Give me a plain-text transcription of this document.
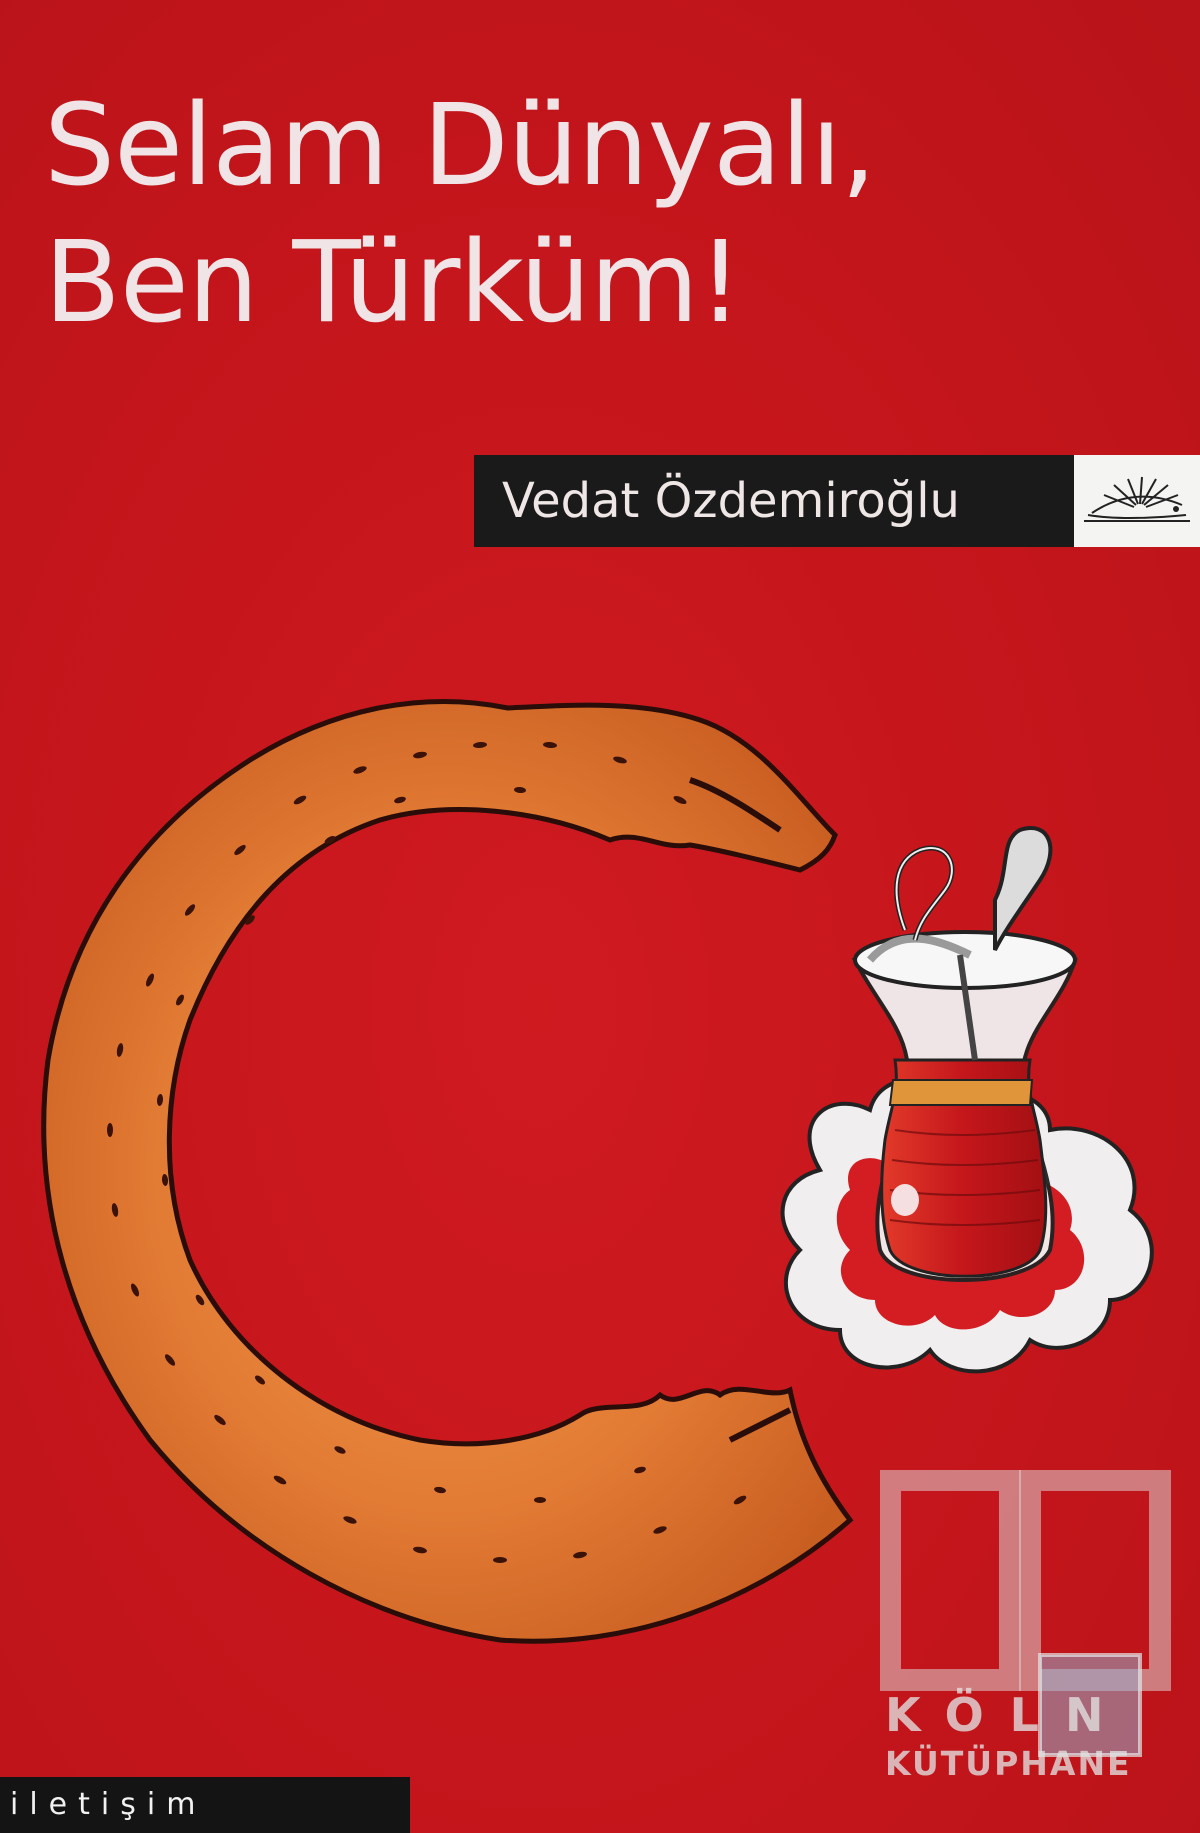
Selam Dünyalı,
Ben Türküm!
Vedat Özdemiroğlu
KÖLN
KÜTÜPHANE
iletişim
